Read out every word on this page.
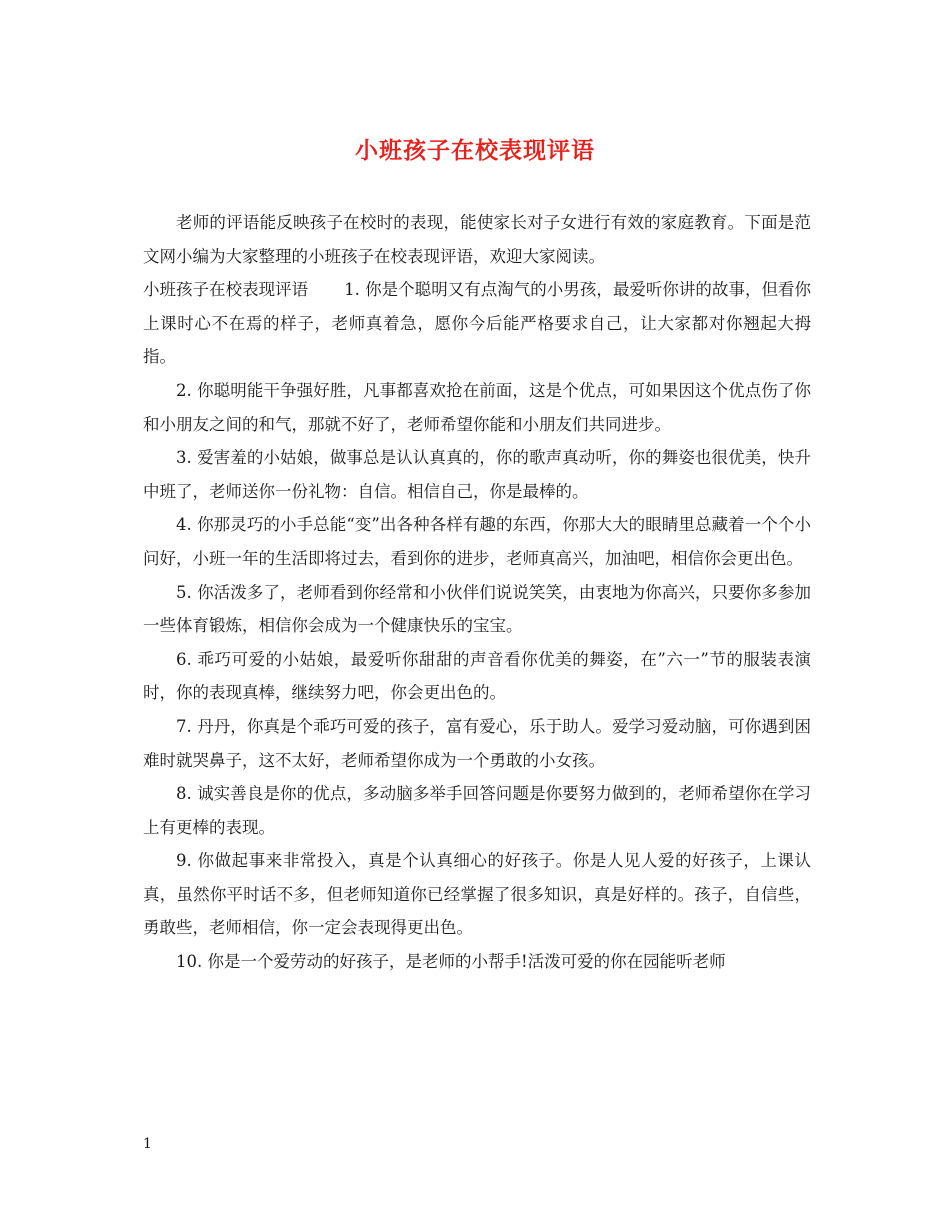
小班孩子在校表现评语

老师的评语能反映孩子在校时的表现，能使家长对子女进行有效的家庭教育。下面是范文网小编为大家整理的小班孩子在校表现评语，欢迎大家阅读。

小班孩子在校表现评语 1. 你是个聪明又有点淘气的小男孩，最爱听你讲的故事，但看你上课时心不在焉的样子，老师真着急，愿你今后能严格要求自己，让大家都对你翘起大拇指。

2. 你聪明能干争强好胜，凡事都喜欢抢在前面，这是个优点，可如果因这个优点伤了你和小朋友之间的和气，那就不好了，老师希望你能和小朋友们共同进步。

3. 爱害羞的小姑娘，做事总是认认真真的，你的歌声真动听，你的舞姿也很优美，快升中班了，老师送你一份礼物：自信。相信自己，你是最棒的。

4. 你那灵巧的小手总能“变”出各种各样有趣的东西，你那大大的眼睛里总藏着一个个小问好，小班一年的生活即将过去，看到你的进步，老师真高兴，加油吧，相信你会更出色。

5. 你活泼多了，老师看到你经常和小伙伴们说说笑笑，由衷地为你高兴，只要你多参加一些体育锻炼，相信你会成为一个健康快乐的宝宝。

6. 乖巧可爱的小姑娘，最爱听你甜甜的声音看你优美的舞姿，在”六一”节的服装表演时，你的表现真棒，继续努力吧，你会更出色的。

7. 丹丹，你真是个乖巧可爱的孩子，富有爱心，乐于助人。爱学习爱动脑，可你遇到困难时就哭鼻子，这不太好，老师希望你成为一个勇敢的小女孩。

8. 诚实善良是你的优点，多动脑多举手回答问题是你要努力做到的，老师希望你在学习上有更棒的表现。

9. 你做起事来非常投入，真是个认真细心的好孩子。你是人见人爱的好孩子，上课认真，虽然你平时话不多，但老师知道你已经掌握了很多知识，真是好样的。孩子，自信些，勇敢些，老师相信，你一定会表现得更出色。

10. 你是一个爱劳动的好孩子，是老师的小帮手!活泼可爱的你在园能听老师

1
